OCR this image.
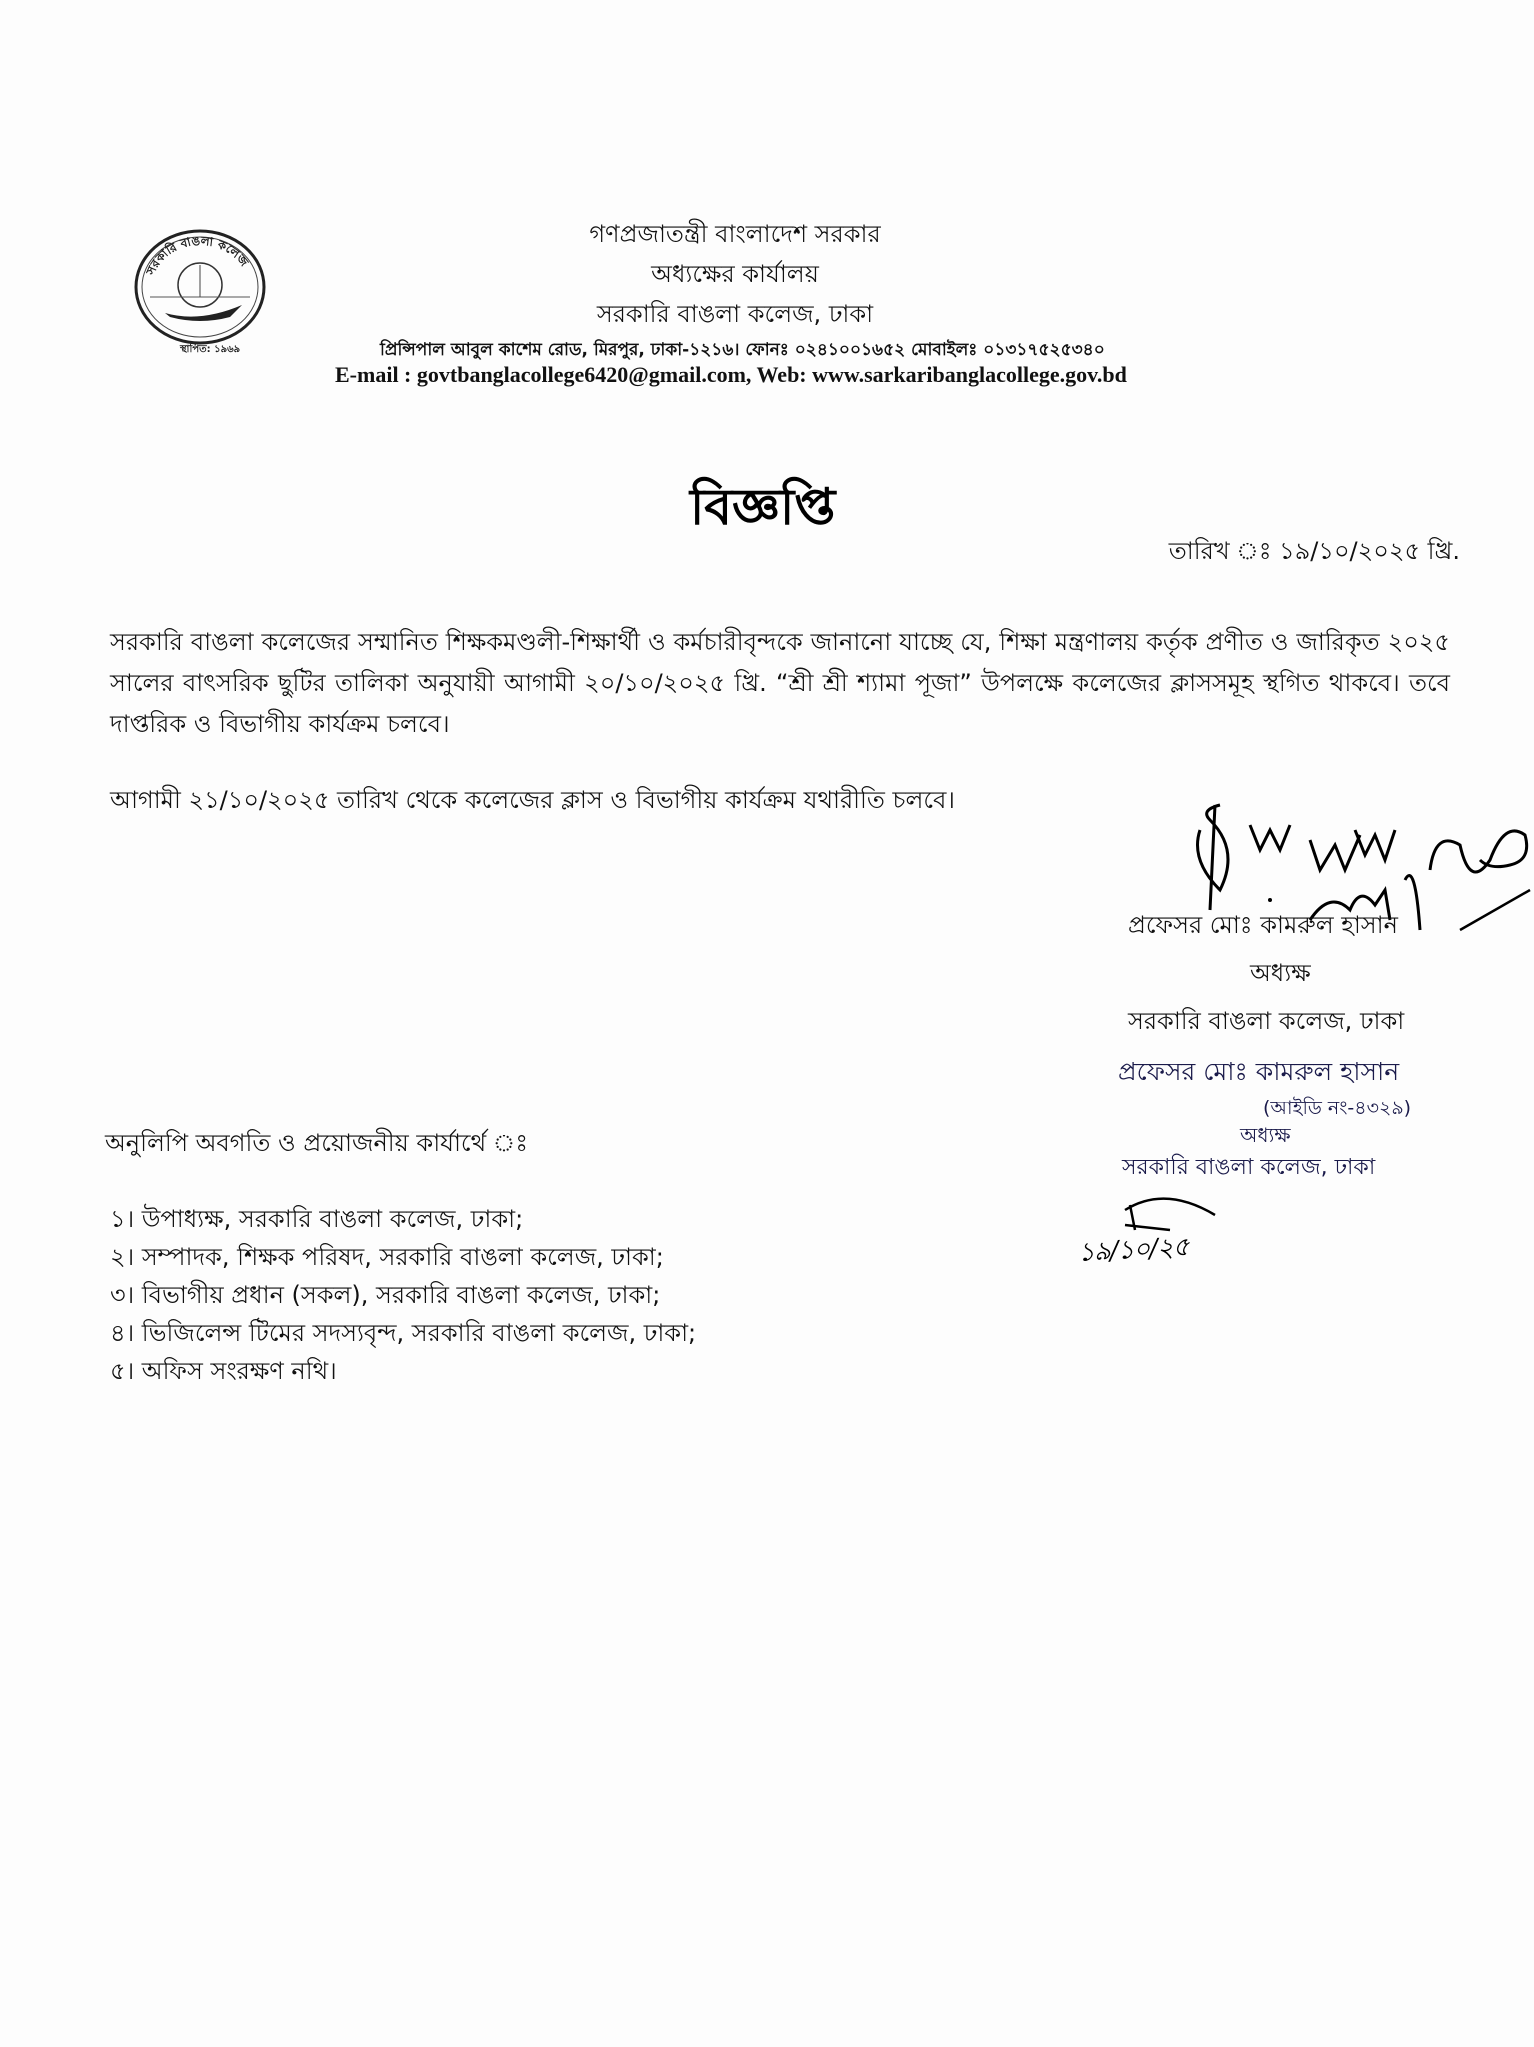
সরকারি বাঙলা কলেজ
স্থাপিত: ১৯৬৯
গণপ্রজাতন্ত্রী বাংলাদেশ সরকার
অধ্যক্ষের কার্যালয়
সরকারি বাঙলা কলেজ, ঢাকা
প্রিন্সিপাল আবুল কাশেম রোড, মিরপুর, ঢাকা-১২১৬। ফোনঃ ০২৪১০০১৬৫২ মোবাইলঃ ০১৩১৭৫২৫৩৪০
E-mail : govtbanglacollege6420@gmail.com, Web: www.sarkaribanglacollege.gov.bd
বিজ্ঞপ্তি
তারিখ ঃ ১৯/১০/২০২৫ খ্রি.
সরকারি বাঙলা কলেজের সম্মানিত শিক্ষকমণ্ডলী-শিক্ষার্থী ও কর্মচারীবৃন্দকে জানানো যাচ্ছে যে, শিক্ষা মন্ত্রণালয় কর্তৃক প্রণীত ও জারিকৃত ২০২৫ সালের বাৎসরিক ছুটির তালিকা অনুযায়ী আগামী ২০/১০/২০২৫ খ্রি. “শ্রী শ্রী শ্যামা পূজা” উপলক্ষে কলেজের ক্লাসসমূহ স্থগিত থাকবে। তবে দাপ্তরিক ও বিভাগীয় কার্যক্রম চলবে।
আগামী ২১/১০/২০২৫ তারিখ থেকে কলেজের ক্লাস ও বিভাগীয় কার্যক্রম যথারীতি চলবে।
প্রফেসর মোঃ কামরুল হাসান
অধ্যক্ষ
সরকারি বাঙলা কলেজ, ঢাকা
প্রফেসর মোঃ কামরুল হাসান
(আইডি নং-৪৩২৯)
অধ্যক্ষ
সরকারি বাঙলা কলেজ, ঢাকা
১৯/১০/২৫
অনুলিপি অবগতি ও প্রয়োজনীয় কার্যার্থে ঃ
১। উপাধ্যক্ষ, সরকারি বাঙলা কলেজ, ঢাকা;
২। সম্পাদক, শিক্ষক পরিষদ, সরকারি বাঙলা কলেজ, ঢাকা;
৩। বিভাগীয় প্রধান (সকল), সরকারি বাঙলা কলেজ, ঢাকা;
৪। ভিজিলেন্স টিমের সদস্যবৃন্দ, সরকারি বাঙলা কলেজ, ঢাকা;
৫। অফিস সংরক্ষণ নথি।
